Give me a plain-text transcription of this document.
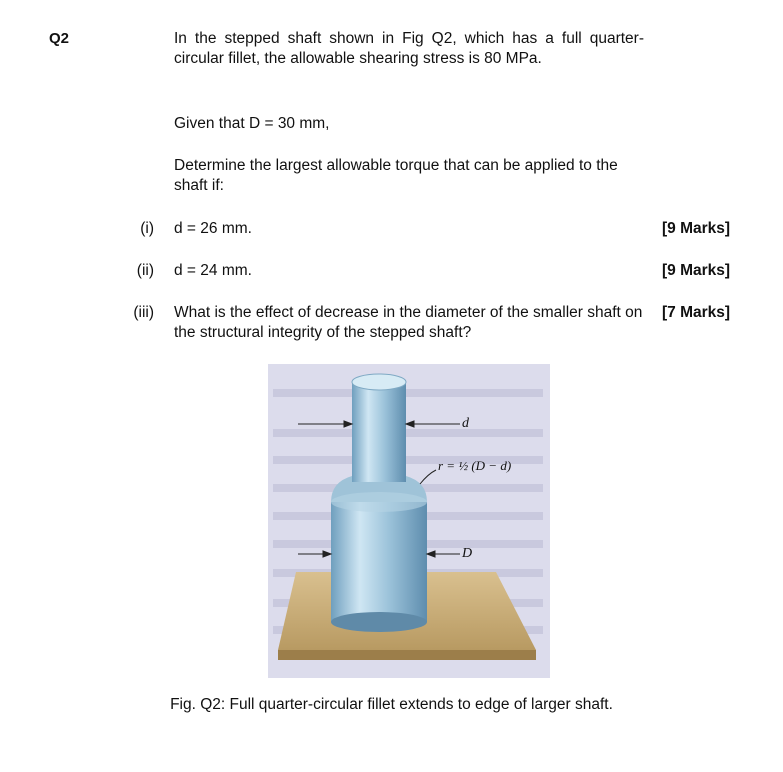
Q2	In the stepped shaft shown in Fig Q2, which has a full quarter-circular fillet, the allowable shearing stress is 80 MPa.
Given that D = 30 mm,
Determine the largest allowable torque that can be applied to the shaft if:
(i) d = 26 mm.	[9 Marks]
(ii) d = 24 mm.	[9 Marks]
(iii) What is the effect of decrease in the diameter of the smaller shaft on the structural integrity of the stepped shaft?
[7 Marks]
d
r = ½ (D − d)
D
Fig. Q2: Full quarter-circular fillet extends to edge of larger shaft.
